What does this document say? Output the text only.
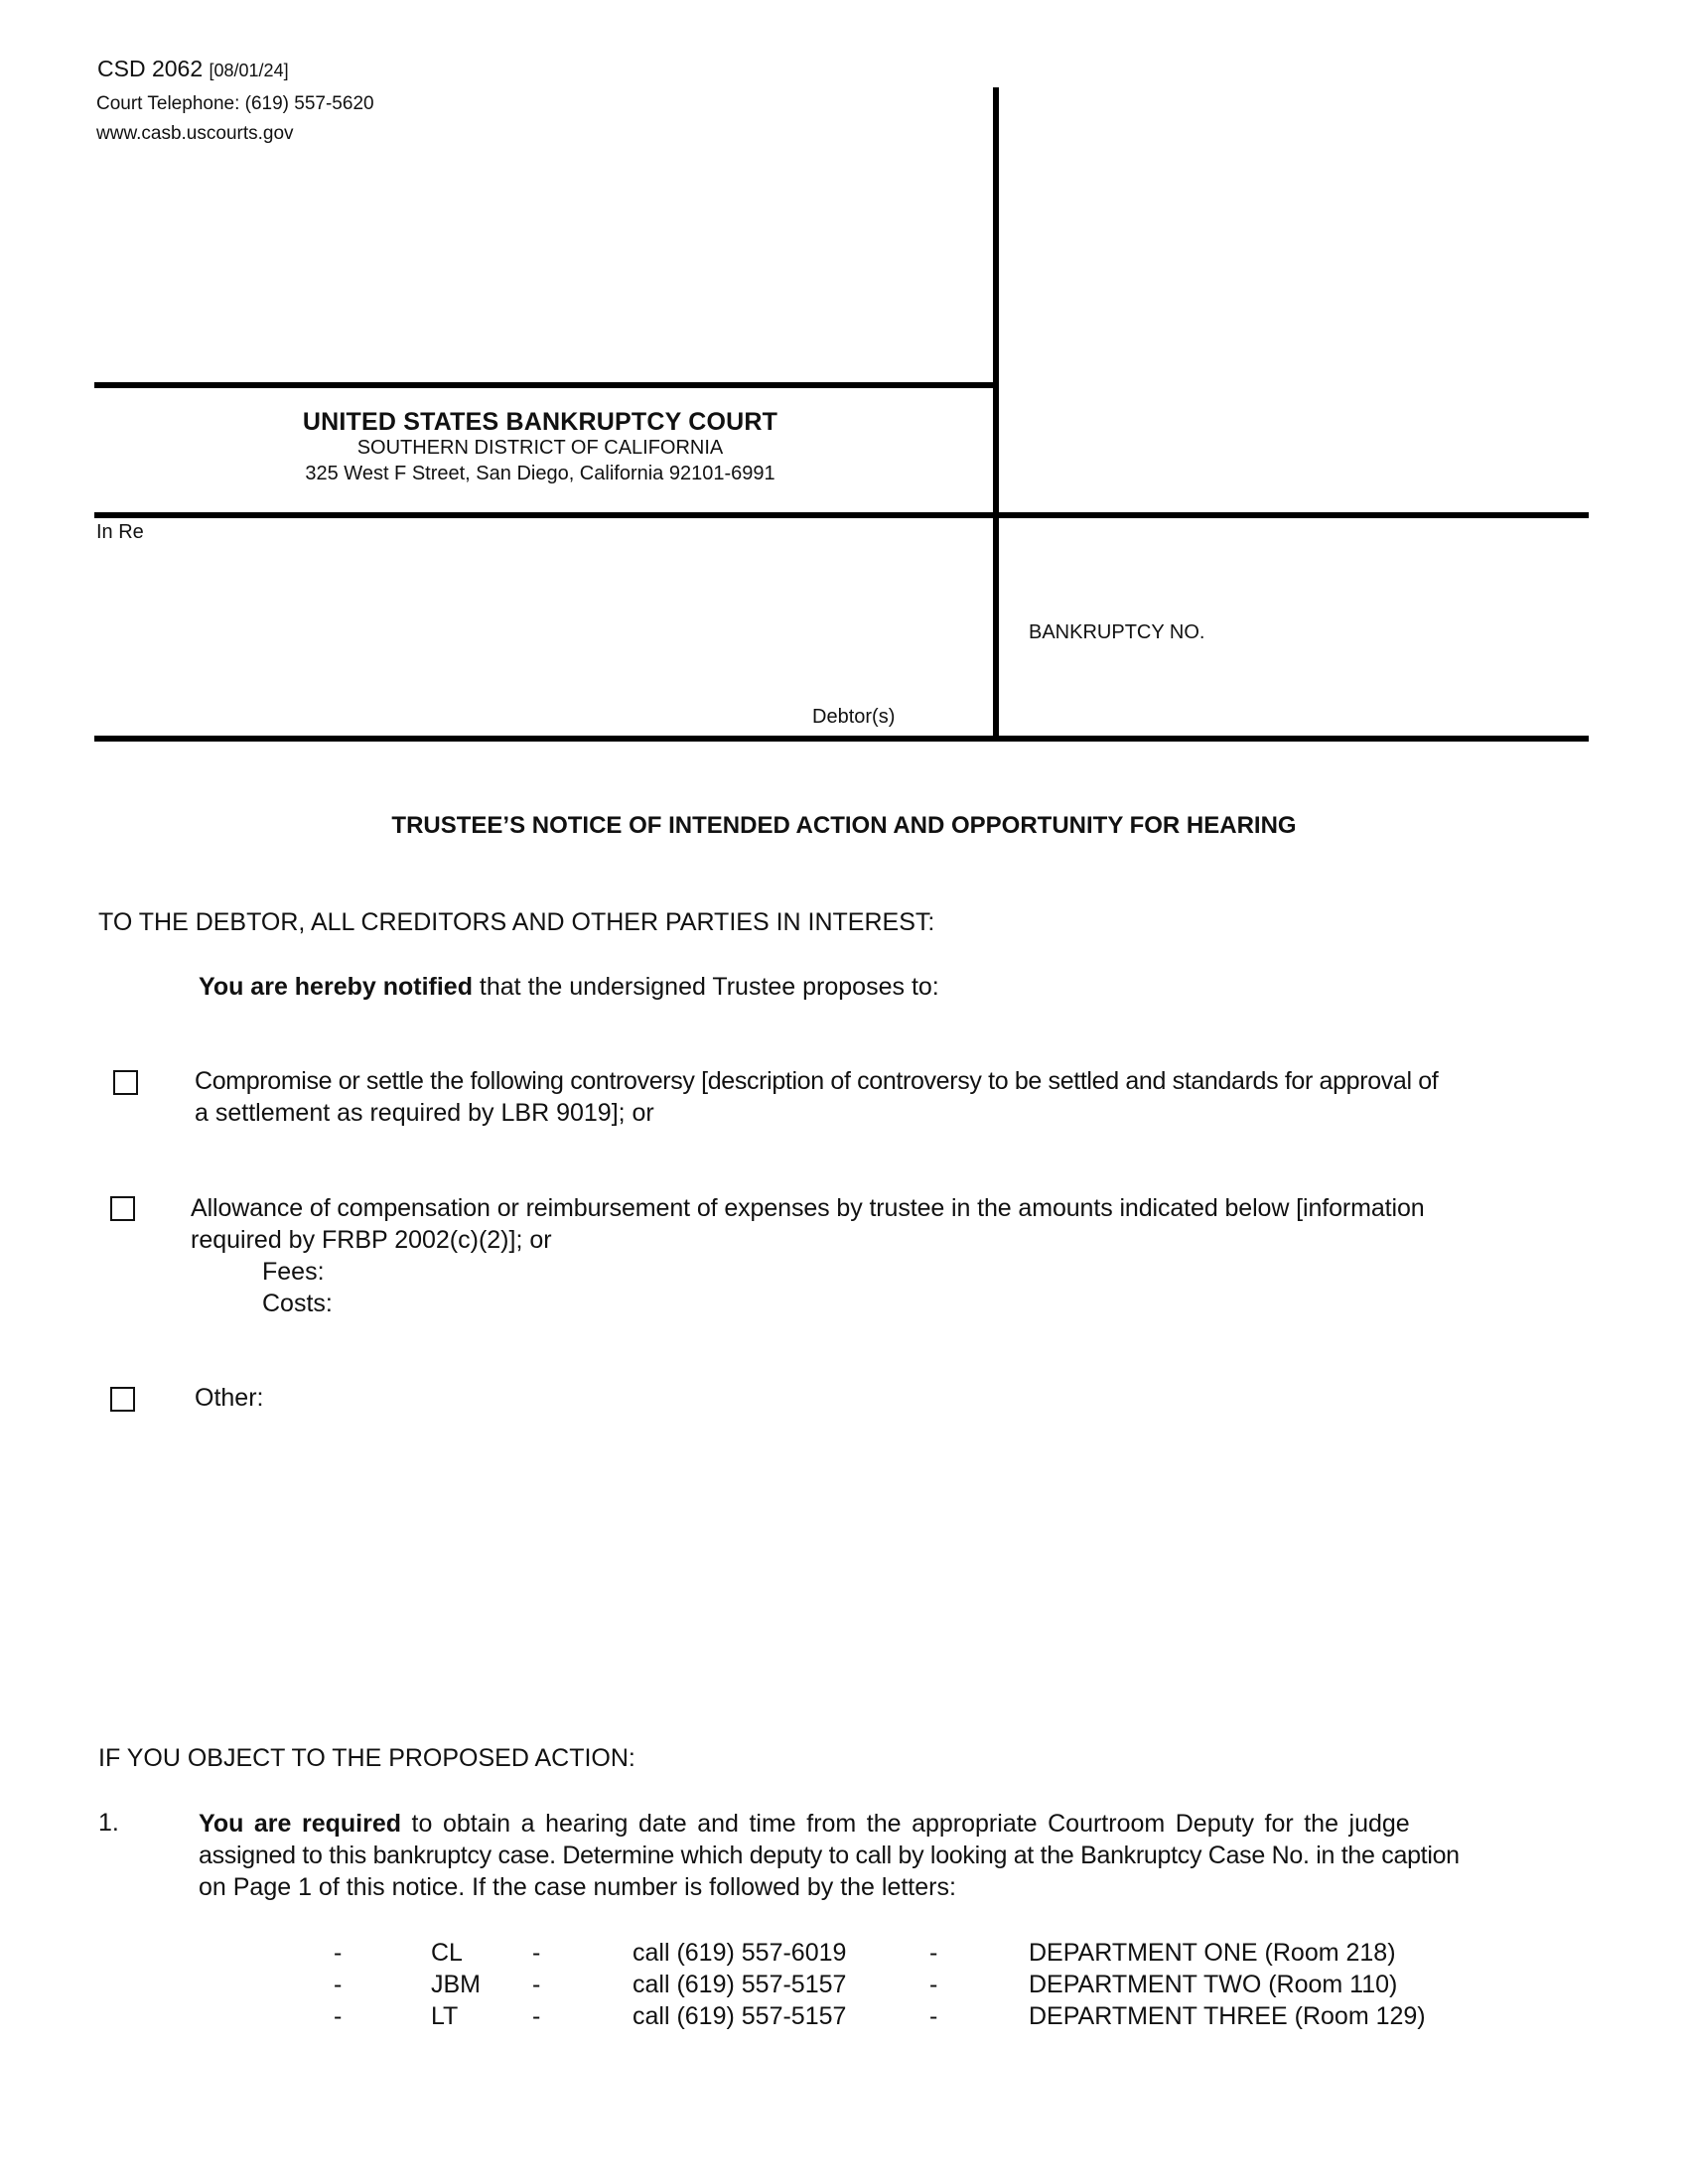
CSD 2062 [08/01/24]
Court Telephone: (619) 557-5620
www.casb.uscourts.gov
UNITED STATES BANKRUPTCY COURT
SOUTHERN DISTRICT OF CALIFORNIA
325 West F Street, San Diego, California 92101-6991
In Re
Debtor(s)
BANKRUPTCY NO.
TRUSTEE’S NOTICE OF INTENDED ACTION AND OPPORTUNITY FOR HEARING
TO THE DEBTOR, ALL CREDITORS AND OTHER PARTIES IN INTEREST:
You are hereby notified that the undersigned Trustee proposes to:
Compromise or settle the following controversy [description of controversy to be settled and standards for approval of
a settlement as required by LBR 9019]; or
Allowance of compensation or reimbursement of expenses by trustee in the amounts indicated below [information
required by FRBP 2002(c)(2)]; or
Fees:
Costs:
Other:
IF YOU OBJECT TO THE PROPOSED ACTION:
1.	You are required to obtain a hearing date and time from the appropriate Courtroom Deputy for the judge
assigned to this bankruptcy case. Determine which deputy to call by looking at the Bankruptcy Case No. in the caption
on Page 1 of this notice. If the case number is followed by the letters:
-	CL	-	call (619) 557-6019	-	DEPARTMENT ONE (Room 218)
-	JBM -	call (619) 557-5157	-	DEPARTMENT TWO (Room 110)
-	LT	-	call (619) 557-5157	-	DEPARTMENT THREE (Room 129)
